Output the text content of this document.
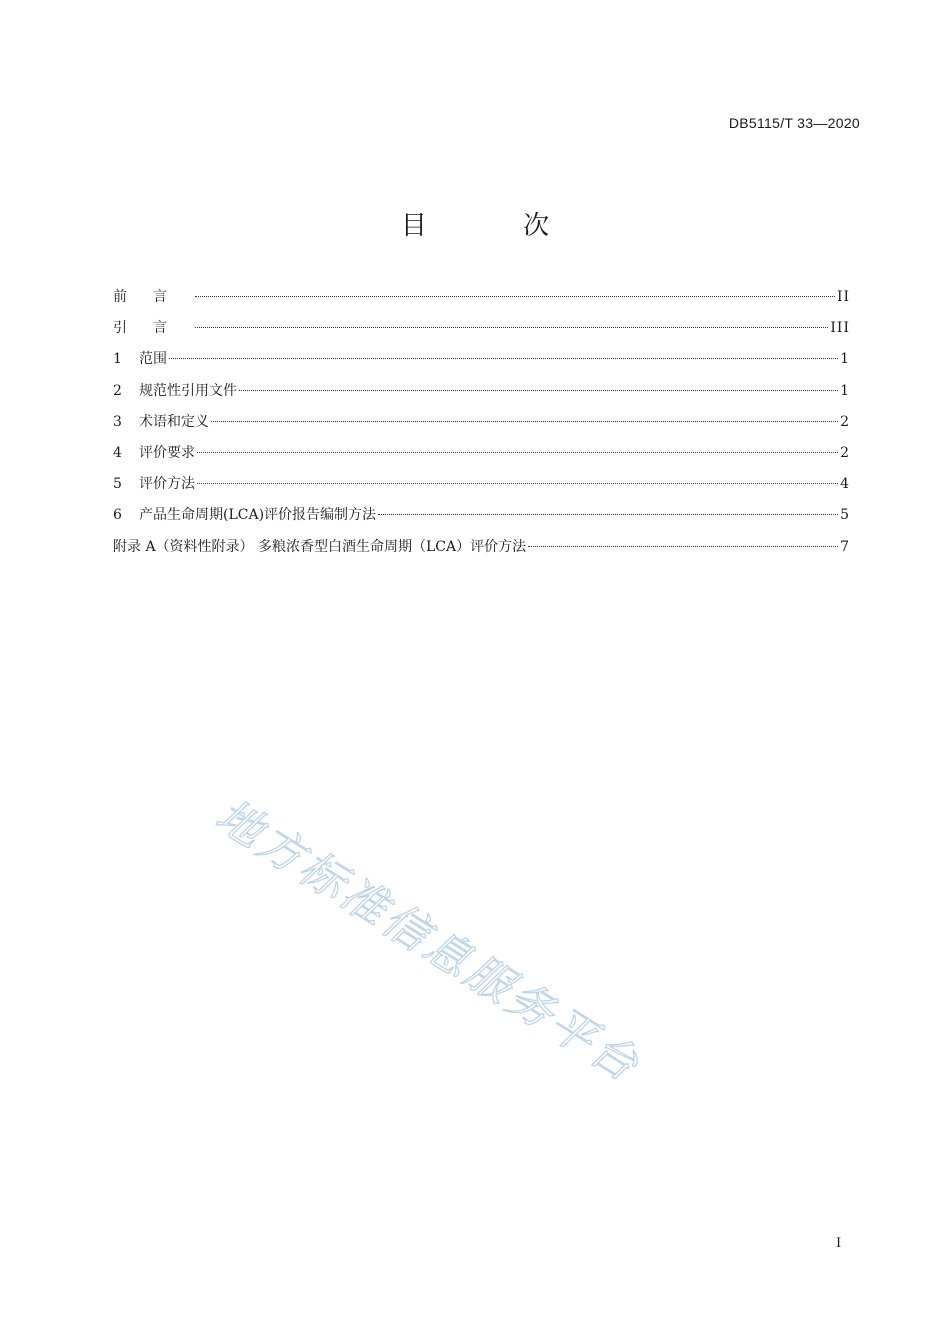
DB5115/T 33—2020
目 次
前言	II
引言	III
1	范围	1
2	规范性引用文件	1
3	术语和定义	2
4	评价要求	2
5	评价方法	4
6	产品生命周期(LCA)评价报告编制方法	5
附录 A（资料性附录） 多粮浓香型白酒生命周期（LCA）评价方法	7
地方标准信息服务平台
I
